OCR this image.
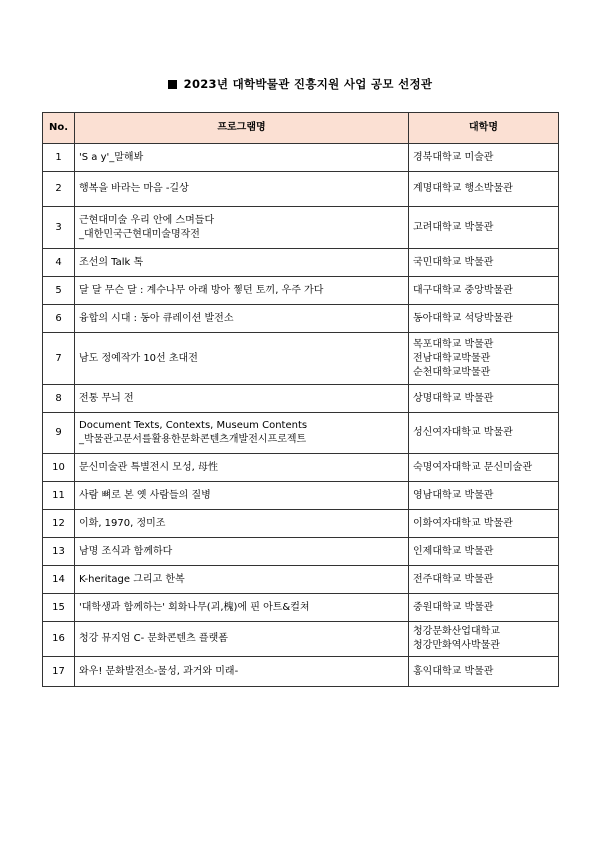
2023년 대학박물관 진흥지원 사업 공모 선정관
No.	프로그램명	대학명
1	'S a y'_말해봐	경북대학교 미술관

2	행복을 바라는 마음 -길상	계명대학교 행소박물관

3	근현대미술 우리 안에 스며들다
_대한민국근현대미술명작전	고려대학교 박물관

4	조선의 Talk 톡	국민대학교 박물관

5	달 달 무슨 달 : 계수나무 아래 방아 찧던 토끼, 우주 가다	대구대학교 중앙박물관

6	융합의 시대 : 동아 큐레이션 발전소	동아대학교 석당박물관

7	남도 정예작가 10선 초대전	목포대학교 박물관
전남대학교박물관
순천대학교박물관

8	전통 무늬 전	상명대학교 박물관

9	Document Texts, Contexts, Museum Contents
_박물관고문서를활용한문화콘텐츠개발전시프로젝트	성신여자대학교 박물관

10	문신미술관 특별전시 모성, 母性	숙명여자대학교 문신미술관

11	사람 뼈로 본 옛 사람들의 질병	영남대학교 박물관

12	이화, 1970, 정미조	이화여자대학교 박물관

13	남명 조식과 함께하다	인제대학교 박물관

14	K-heritage 그리고 한복	전주대학교 박물관

15	'대학생과 함께하는' 회화나무(괴,槐)에 핀 아트&컬쳐	중원대학교 박물관

16	청강 뮤지엄 C- 문화콘텐츠 플랫폼	청강문화산업대학교
청강만화역사박물관

17	와우! 문화발전소-물성, 과거와 미래-	홍익대학교 박물관
